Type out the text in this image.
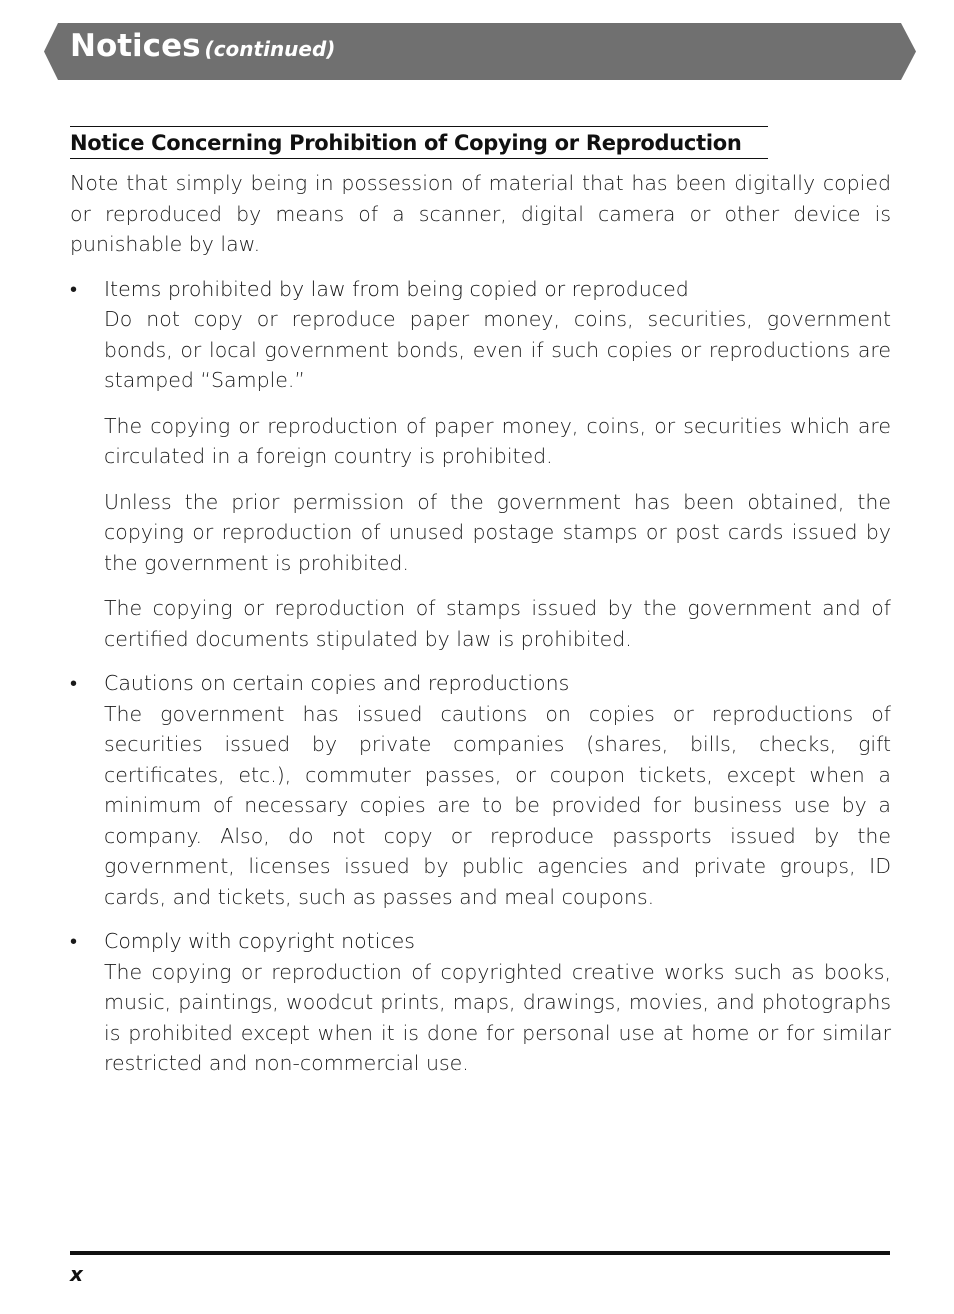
Notices (continued)
Notice Concerning Prohibition of Copying or Reproduction

Note that simply being in possession of material that has been digitally copied or reproduced by means of a scanner, digital camera or other device is punishable by law.

• Items prohibited by law from being copied or reproduced

Do not copy or reproduce paper money, coins, securities, government bonds, or local government bonds, even if such copies or reproductions are stamped “Sample.”

The copying or reproduction of paper money, coins, or securities which are circulated in a foreign country is prohibited.

Unless the prior permission of the government has been obtained, the copying or reproduction of unused postage stamps or post cards issued by the government is prohibited.

The copying or reproduction of stamps issued by the government and of certified documents stipulated by law is prohibited.

• Cautions on certain copies and reproductions

The government has issued cautions on copies or reproductions of securities issued by private companies (shares, bills, checks, gift certificates, etc.), commuter passes, or coupon tickets, except when a minimum of necessary copies are to be provided for business use by a company. Also, do not copy or reproduce passports issued by the government, licenses issued by public agencies and private groups, ID cards, and tickets, such as passes and meal coupons.

• Comply with copyright notices

The copying or reproduction of copyrighted creative works such as books, music, paintings, woodcut prints, maps, drawings, movies, and photographs is prohibited except when it is done for personal use at home or for similar restricted and non-commercial use.

x
